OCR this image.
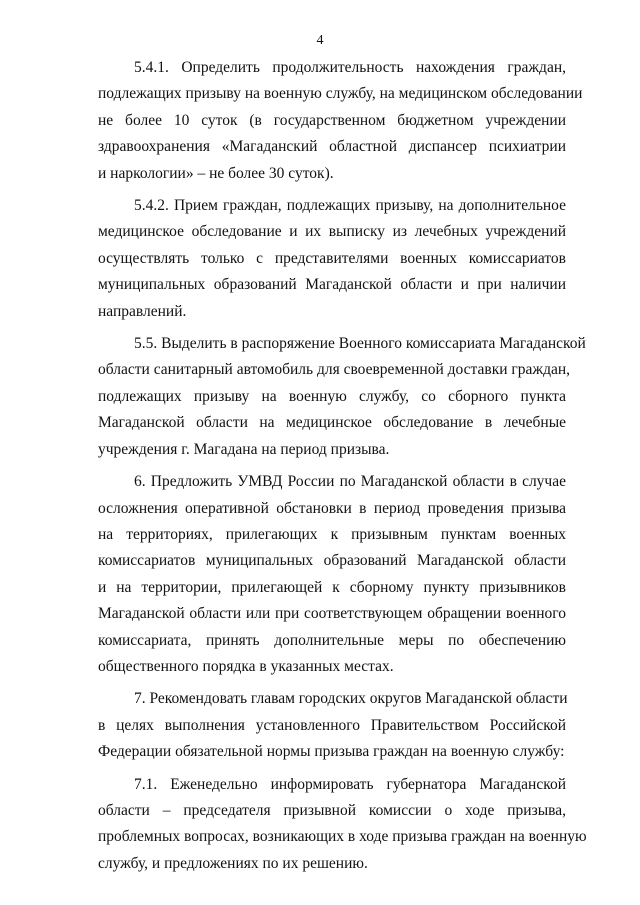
4
5.4.1. Определить продолжительность нахождения граждан,
подлежащих призыву на военную службу, на медицинском обследовании
не более 10 суток (в государственном бюджетном учреждении
здравоохранения «Магаданский областной диспансер психиатрии
и наркологии» – не более 30 суток).
5.4.2. Прием граждан, подлежащих призыву, на дополнительное
медицинское обследование и их выписку из лечебных учреждений
осуществлять только с представителями военных комиссариатов
муниципальных образований Магаданской области и при наличии
направлений.
5.5. Выделить в распоряжение Военного комиссариата Магаданской
области санитарный автомобиль для своевременной доставки граждан,
подлежащих призыву на военную службу, со сборного пункта
Магаданской области на медицинское обследование в лечебные
учреждения г. Магадана на период призыва.
6. Предложить УМВД России по Магаданской области в случае
осложнения оперативной обстановки в период проведения призыва
на территориях, прилегающих к призывным пунктам военных
комиссариатов муниципальных образований Магаданской области
и на территории, прилегающей к сборному пункту призывников
Магаданской области или при соответствующем обращении военного
комиссариата, принять дополнительные меры по обеспечению
общественного порядка в указанных местах.
7. Рекомендовать главам городских округов Магаданской области
в целях выполнения установленного Правительством Российской
Федерации обязательной нормы призыва граждан на военную службу:
7.1. Еженедельно информировать губернатора Магаданской
области – председателя призывной комиссии о ходе призыва,
проблемных вопросах, возникающих в ходе призыва граждан на военную
службу, и предложениях по их решению.
